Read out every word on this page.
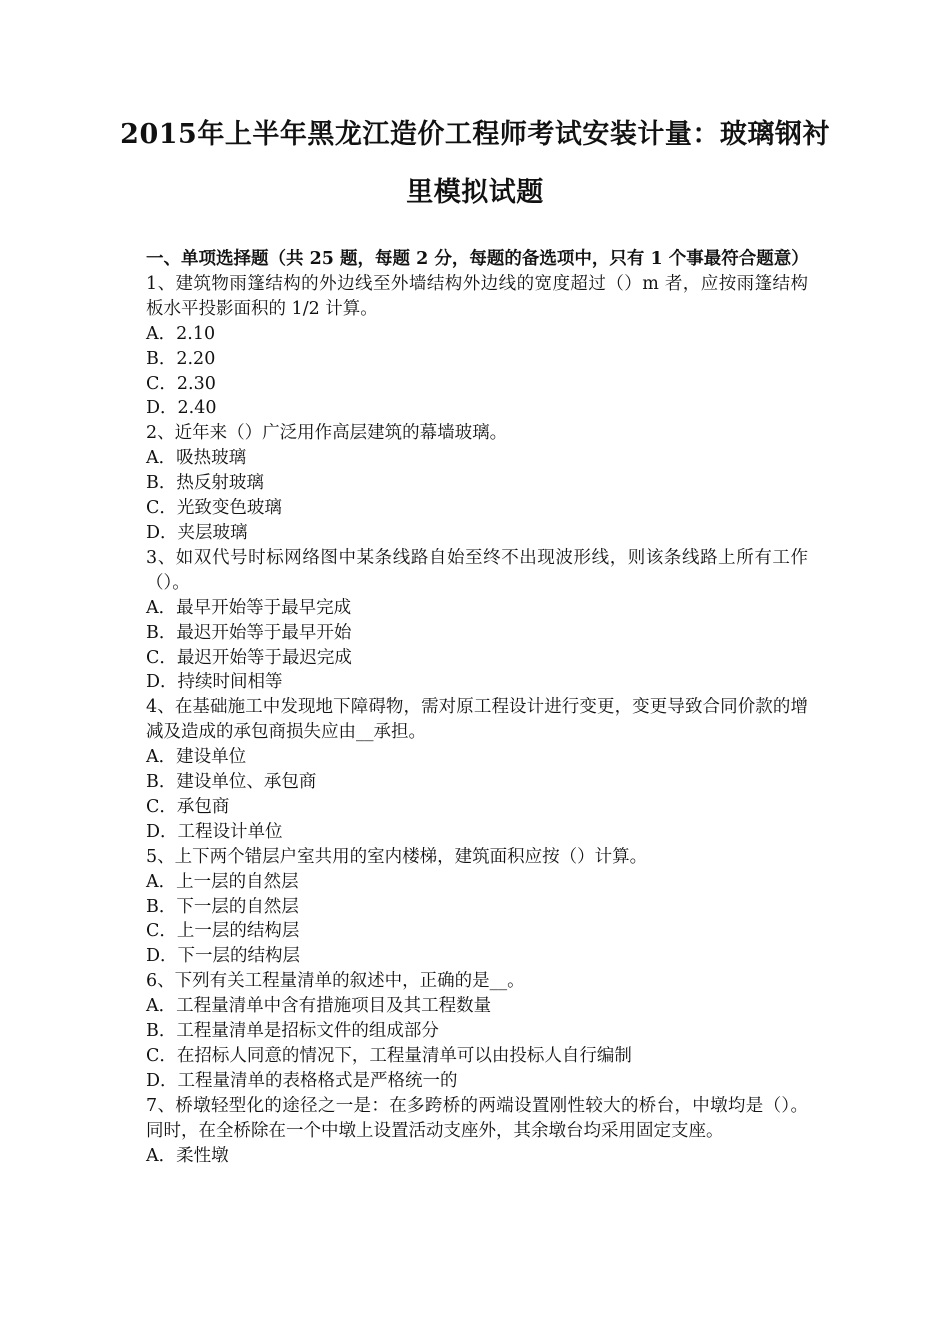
2015年上半年黑龙江造价工程师考试安装计量：玻璃钢衬里模拟试题
一、单项选择题（共 25 题，每题 2 分，每题的备选项中，只有 1 个事最符合题意）
1、建筑物雨篷结构的外边线至外墙结构外边线的宽度超过（）m 者，应按雨篷结构板水平投影面积的 1/2 计算。
A．2.10
B．2.20
C．2.30
D．2.40
2、近年来（）广泛用作高层建筑的幕墙玻璃。
A．吸热玻璃
B．热反射玻璃
C．光致变色玻璃
D．夹层玻璃
3、如双代号时标网络图中某条线路自始至终不出现波形线，则该条线路上所有工作（）。
A．最早开始等于最早完成
B．最迟开始等于最早开始
C．最迟开始等于最迟完成
D．持续时间相等
4、在基础施工中发现地下障碍物，需对原工程设计进行变更，变更导致合同价款的增减及造成的承包商损失应由__承担。
A．建设单位
B．建设单位、承包商
C．承包商
D．工程设计单位
5、上下两个错层户室共用的室内楼梯，建筑面积应按（）计算。
A．上一层的自然层
B．下一层的自然层
C．上一层的结构层
D．下一层的结构层
6、下列有关工程量清单的叙述中，正确的是__。
A．工程量清单中含有措施项目及其工程数量
B．工程量清单是招标文件的组成部分
C．在招标人同意的情况下，工程量清单可以由投标人自行编制
D．工程量清单的表格格式是严格统一的
7、桥墩轻型化的途径之一是：在多跨桥的两端设置刚性较大的桥台，中墩均是（）。同时，在全桥除在一个中墩上设置活动支座外，其余墩台均采用固定支座。
A．柔性墩
